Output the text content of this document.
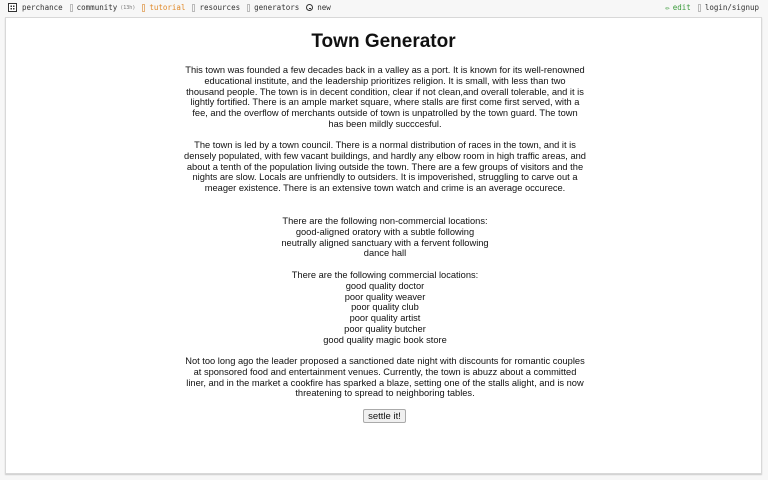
perchance community (13h) tutorial resources generators new	✏ edit login/signup
Town Generator
This town was founded a few decades back in a valley as a port. It is known for its well-renowned educational institute, and the leadership prioritizes religion. It is small, with less than two thousand people. The town is in decent condition, clear if not clean,and overall tolerable, and it is lightly fortified. There is an ample market square, where stalls are first come first served, with a fee, and the overflow of merchants outside of town is unpatrolled by the town guard. The town has been mildly succcesful.
The town is led by a town council. There is a normal distribution of races in the town, and it is densely populated, with few vacant buildings, and hardly any elbow room in high traffic areas, and about a tenth of the population living outside the town. There are a few groups of visitors and the nights are slow. Locals are unfriendly to outsiders. It is impoverished, struggling to carve out a meager existence. There is an extensive town watch and crime is an average occurece.
There are the following non-commercial locations:
good-aligned oratory with a subtle following
neutrally aligned sanctuary with a fervent following
dance hall
There are the following commercial locations:
good quality doctor
poor quality weaver
poor quality club
poor quality artist
poor quality butcher
good quality magic book store
Not too long ago the leader proposed a sanctioned date night with discounts for romantic couples at sponsored food and entertainment venues. Currently, the town is abuzz about a committed liner, and in the market a cookfire has sparked a blaze, setting one of the stalls alight, and is now threatening to spread to neighboring tables.
settle it!
